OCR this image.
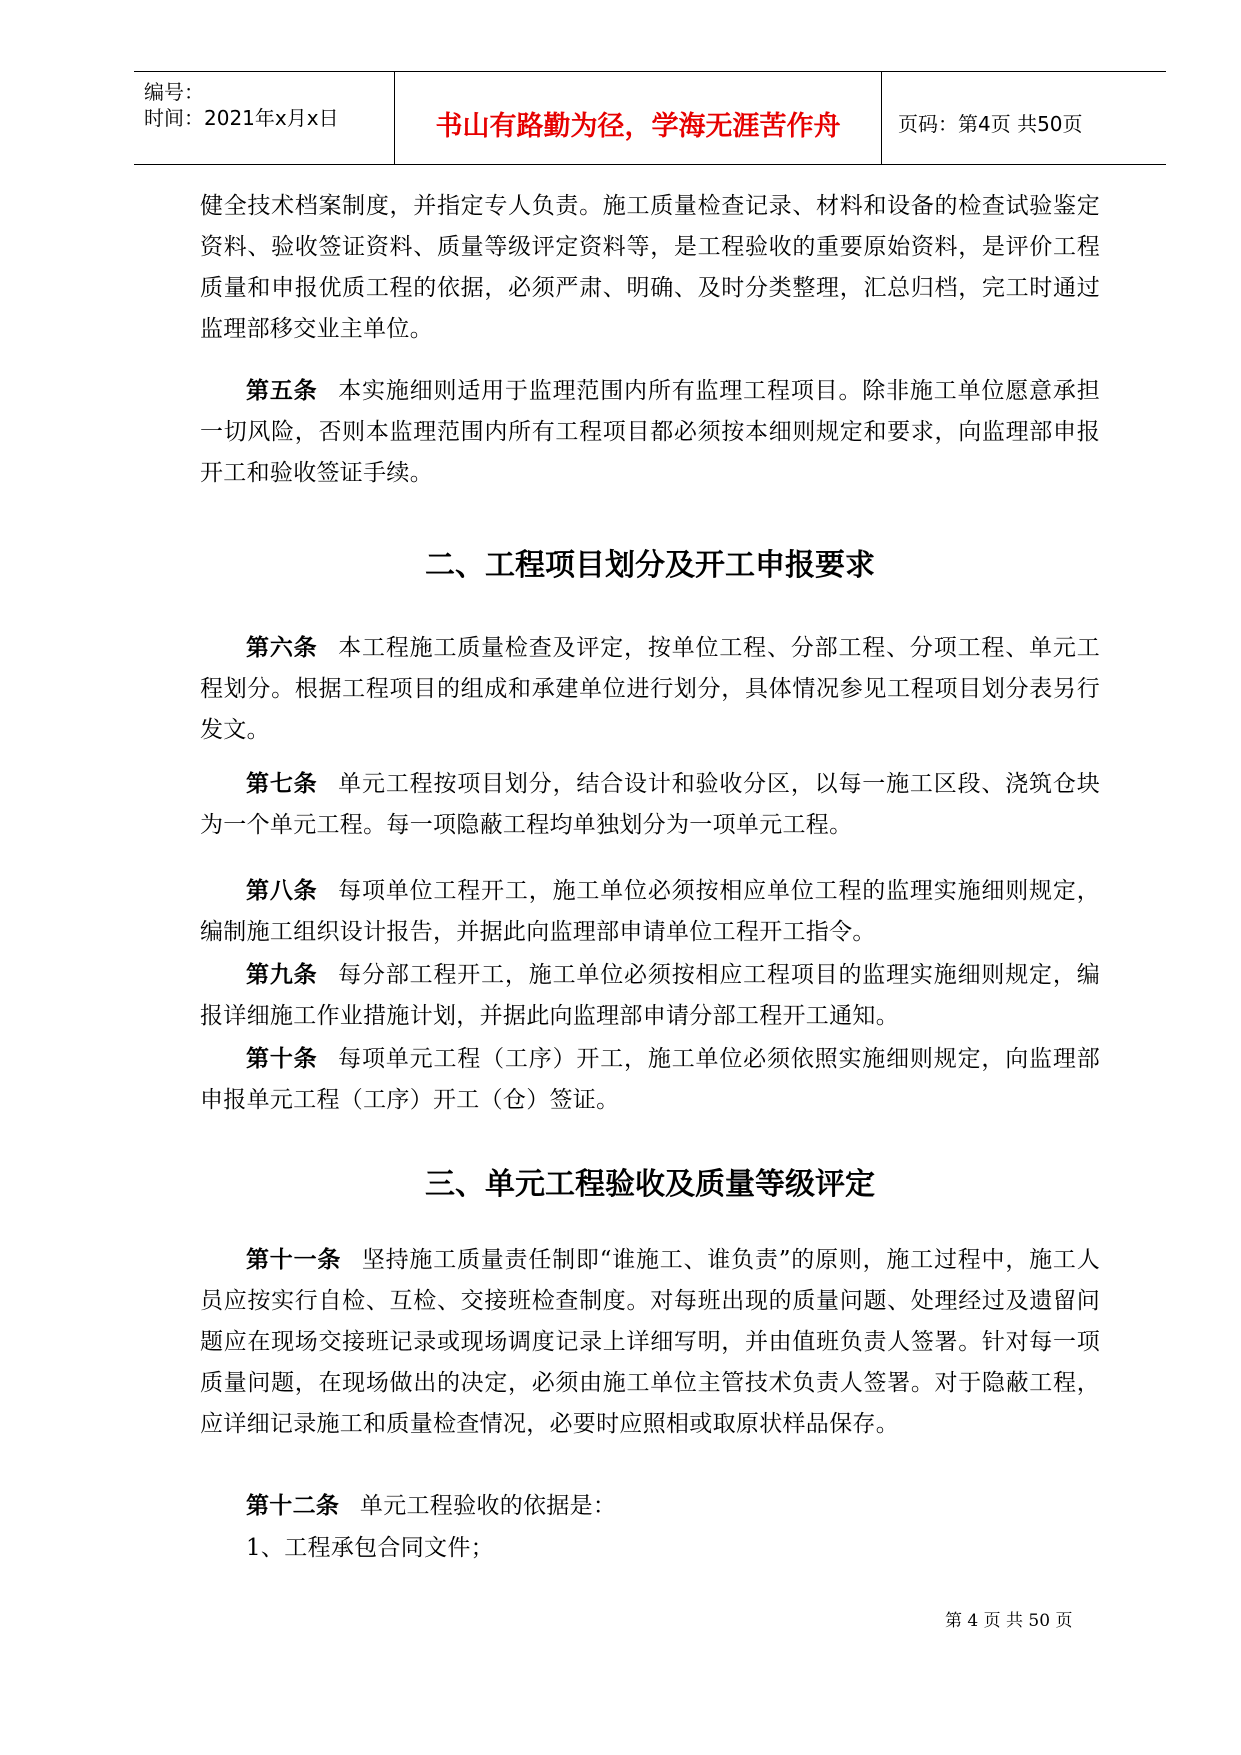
编号：
时间：2021年x月x日	书山有路勤为径，学海无涯苦作舟	页码：第4页 共50页

健全技术档案制度，并指定专人负责。施工质量检查记录、材料和设备的检查试验鉴定资料、验收签证资料、质量等级评定资料等，是工程验收的重要原始资料，是评价工程质量和申报优质工程的依据，必须严肃、明确、及时分类整理，汇总归档，完工时通过监理部移交业主单位。

第五条 本实施细则适用于监理范围内所有监理工程项目。除非施工单位愿意承担一切风险，否则本监理范围内所有工程项目都必须按本细则规定和要求，向监理部申报开工和验收签证手续。

二、工程项目划分及开工申报要求

第六条 本工程施工质量检查及评定，按单位工程、分部工程、分项工程、单元工程划分。根据工程项目的组成和承建单位进行划分，具体情况参见工程项目划分表另行发文。

第七条 单元工程按项目划分，结合设计和验收分区，以每一施工区段、浇筑仓块为一个单元工程。每一项隐蔽工程均单独划分为一项单元工程。

第八条 每项单位工程开工，施工单位必须按相应单位工程的监理实施细则规定，编制施工组织设计报告，并据此向监理部申请单位工程开工指令。

第九条 每分部工程开工，施工单位必须按相应工程项目的监理实施细则规定，编报详细施工作业措施计划，并据此向监理部申请分部工程开工通知。

第十条 每项单元工程（工序）开工，施工单位必须依照实施细则规定，向监理部申报单元工程（工序）开工（仓）签证。

三、单元工程验收及质量等级评定

第十一条 坚持施工质量责任制即“谁施工、谁负责”的原则，施工过程中，施工人员应按实行自检、互检、交接班检查制度。对每班出现的质量问题、处理经过及遗留问题应在现场交接班记录或现场调度记录上详细写明，并由值班负责人签署。针对每一项质量问题，在现场做出的决定，必须由施工单位主管技术负责人签署。对于隐蔽工程，应详细记录施工和质量检查情况，必要时应照相或取原状样品保存。

第十二条 单元工程验收的依据是：

1、工程承包合同文件；

第 4 页 共 50 页
